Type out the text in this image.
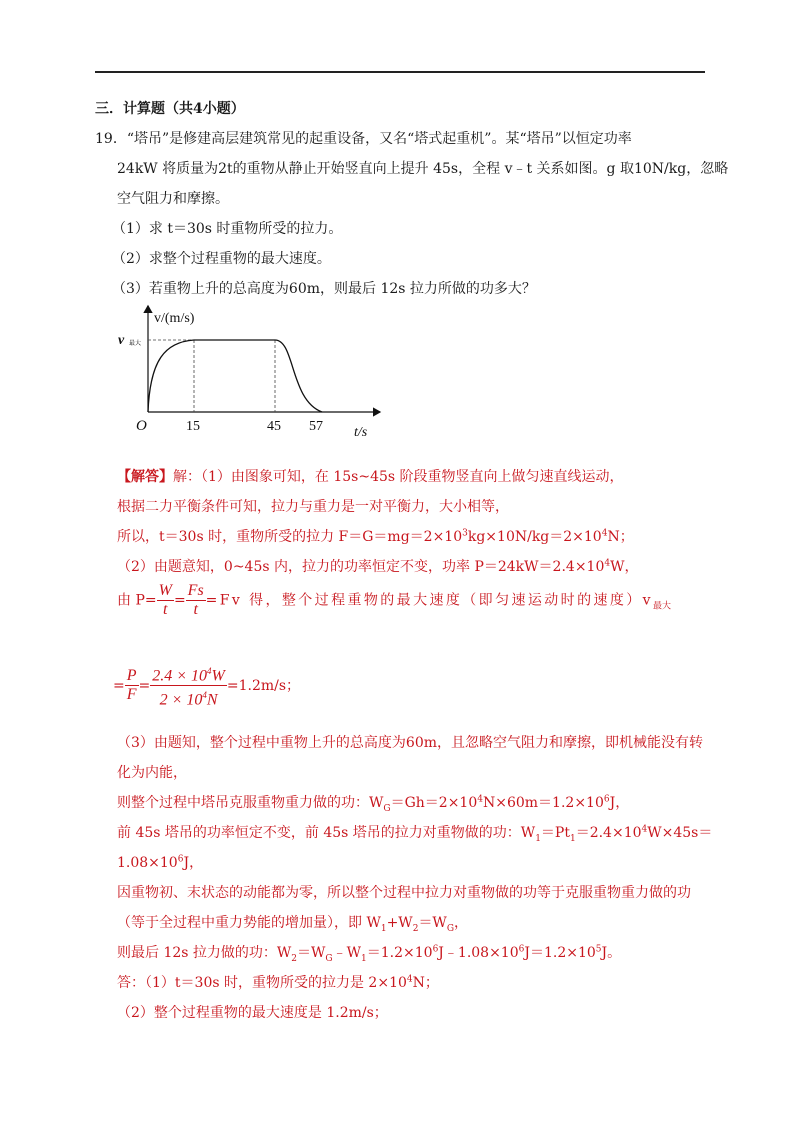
三．计算题（共4小题）
19．“塔吊”是修建高层建筑常见的起重设备，又名“塔式起重机”。某“塔吊”以恒定功率
24kW 将质量为2t的重物从静止开始竖直向上提升 45s，全程 v﹣t 关系如图。g 取10N/kg，忽略
空气阻力和摩擦。
（1）求 t＝30s 时重物所受的拉力。
（2）求整个过程重物的最大速度。
（3）若重物上升的总高度为60m，则最后 12s 拉力所做的功多大？
v/(m/s)
v 最大
O	15	45 57 t/s
【解答】解：（1）由图象可知，在 15s~45s 阶段重物竖直向上做匀速直线运动，
根据二力平衡条件可知，拉力与重力是一对平衡力，大小相等，
所以，t＝30s 时，重物所受的拉力 $F=G=mg=2\times 10^3kg\times 10N/kg=2\times 10^4N$；
（2）由题意知，0~45s 内，拉力的功率恒定不变，功率 $P=24kW=2.4\times 10^4W$，
由 $P= \frac{W}{t} = \frac{Fs}{t} =Fv$ 得，整个过程重物的最大速度（即匀速运动时的速度）$v_{最大}$
= $\frac{P}{F} = \frac{2.4 \times 10^4W}{2 \times 10^4N} =1.2m/s$；
（3）由题知，整个过程中重物上升的总高度为60m，且忽略空气阻力和摩擦，即机械能没有转
化为内能，
则整个过程中塔吊克服重物重力做的功：$W_G=Gh=2\times 10^4N\times 60m=1.2\times 10^6J$，
前 45s 塔吊的功率恒定不变，前 45s 塔吊的拉力对重物做的功：$W_1=Pt_1=2.4\times 10^4W\times 45s=$
$1.08\times 10^6J$，
因重物初、末状态的动能都为零，所以整个过程中拉力对重物做的功等于克服重物重力做的功
（等于全过程中重力势能的增加量），即 $W_1+W_2=W_G$，
则最后 12s 拉力做的功：$W_2=W_G﹣W_1=1.2\times 10^6J﹣1.08\times 10^6J=1.2\times 10^5J$。
答：（1）t＝30s 时，重物所受的拉力是 $2\times 10^4N$；
（2）整个过程重物的最大速度是 1.2m/s；
